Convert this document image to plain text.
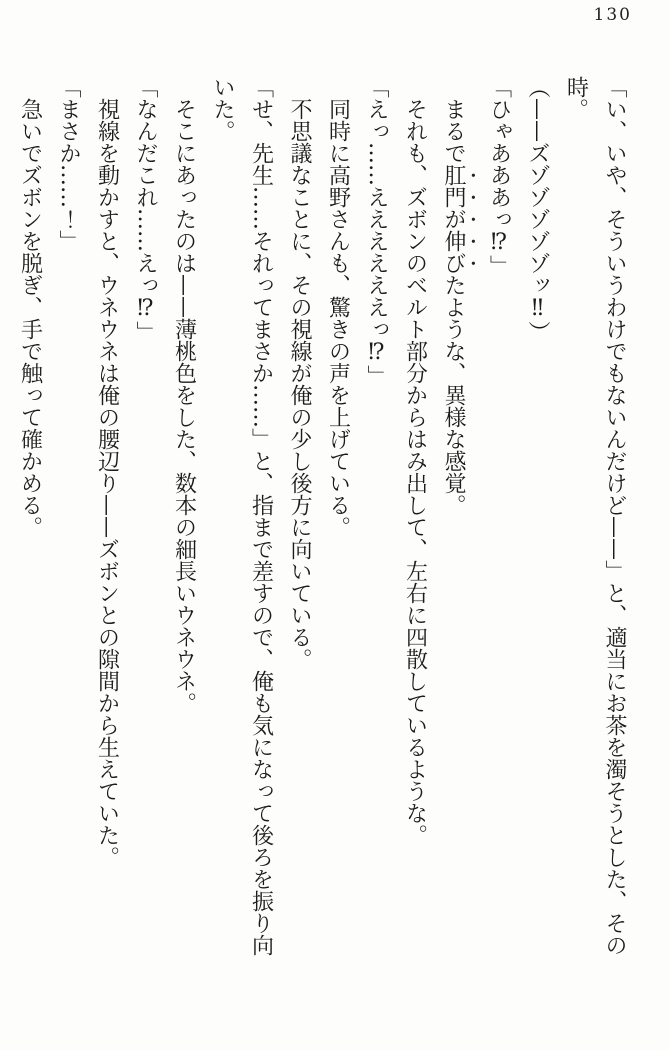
130

「い、いや、そういうわけでもないんだけど——」と、適当にお茶を濁そうとした、その時。

（——ズゾゾゾゾゾッ‼）

「ひゃあああっ⁉」

まるで肛門が伸びたような、異様な感覚。

それも、ズボンのベルト部分からはみ出して、左右に四散しているような。

「えっ……ええええええっ⁉」

同時に高野さんも、驚きの声を上げている。

不思議なことに、その視線が俺の少し後方に向いている。

「せ、先生……それってまさか……」と、指まで差すので、俺も気になって後ろを振り向いた。

そこにあったのは——薄桃色をした、数本の細長いウネウネ。

「なんだこれ……えっ⁉」

視線を動かすと、ウネウネは俺の腰辺り——ズボンとの隙間から生えていた。

「まさか……！」

急いでズボンを脱ぎ、手で触って確かめる。
